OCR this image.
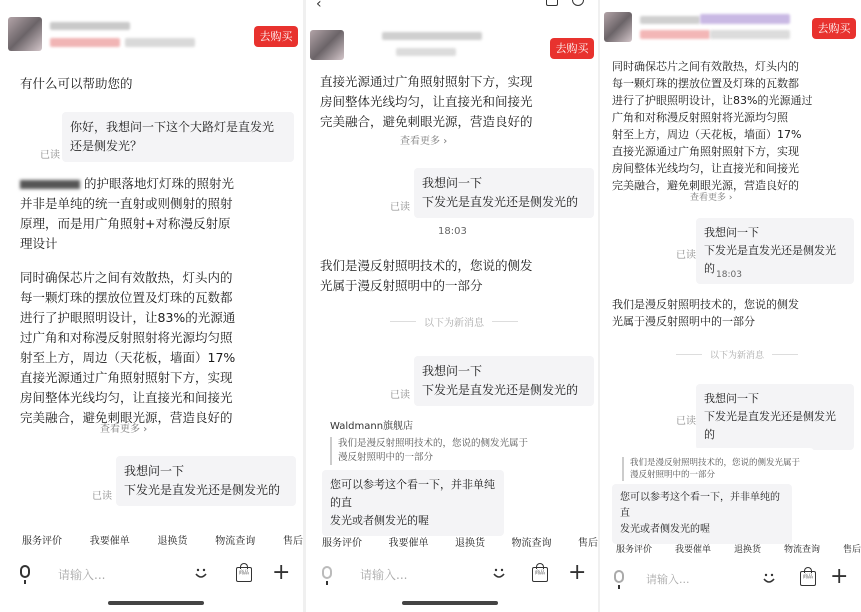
去购买
有什么可以帮助您的
你好，我想问一下这个大路灯是直发光
还是侧发光？
已读
的护眼落地灯灯珠的照射光
并非是单纯的统一直射或则侧射的照射
原理，而是用广角照射+对称漫反射原
理设计
同时确保芯片之间有效散热，灯头内的
每一颗灯珠的摆放位置及灯珠的瓦数都
进行了护眼照明设计，让83%的光源通
过广角和对称漫反射照射将光源均匀照
射至上方，周边（天花板，墙面）17%
直接光源通过广角照射照射下方，实现
房间整体光线均匀，让直接光和间接光
完美融合，避免刺眼光源，营造良好的
查看更多 ›
我想问一下
下发光是直发光还是侧发光的
已读
服务评价	我要催单	退换货	物流查询	售后
请输入...	商品 +
‹
去购买
直接光源通过广角照射照射下方，实现
房间整体光线均匀，让直接光和间接光
完美融合，避免刺眼光源，营造良好的
查看更多 ›
我想问一下
下发光是直发光还是侧发光的
已读
18:03
我们是漫反射照明技术的，您说的侧发
光属于漫反射照明中的一部分
以下为新消息
我想问一下
下发光是直发光还是侧发光的
已读
Waldmann旗舰店
我们是漫反射照明技术的，您说的侧发光属于
漫反射照明中的一部分
您可以参考这个看一下，并非单纯的直
发光或者侧发光的喔
服务评价	我要催单	退换货	物流查询	售后
请输入...	商品 +
去购买
同时确保芯片之间有效散热，灯头内的
每一颗灯珠的摆放位置及灯珠的瓦数都
进行了护眼照明设计，让83%的光源通过
广角和对称漫反射照射将光源均匀照
射至上方，周边（天花板，墙面）17%
直接光源通过广角照射照射下方，实现
房间整体光线均匀，让直接光和间接光
完美融合，避免刺眼光源，营造良好的
查看更多 ›
我想问一下
下发光是直发光还是侧发光的
已读
18:03
我们是漫反射照明技术的，您说的侧发
光属于漫反射照明中的一部分
以下为新消息
我想问一下
下发光是直发光还是侧发光的
已读
我们是漫反射照明技术的，您说的侧发光属于
漫反射照明中的一部分
您可以参考这个看一下，并非单纯的直
发光或者侧发光的喔
服务评价	我要催单	退换货	物流查询	售后
请输入...	商品 +
